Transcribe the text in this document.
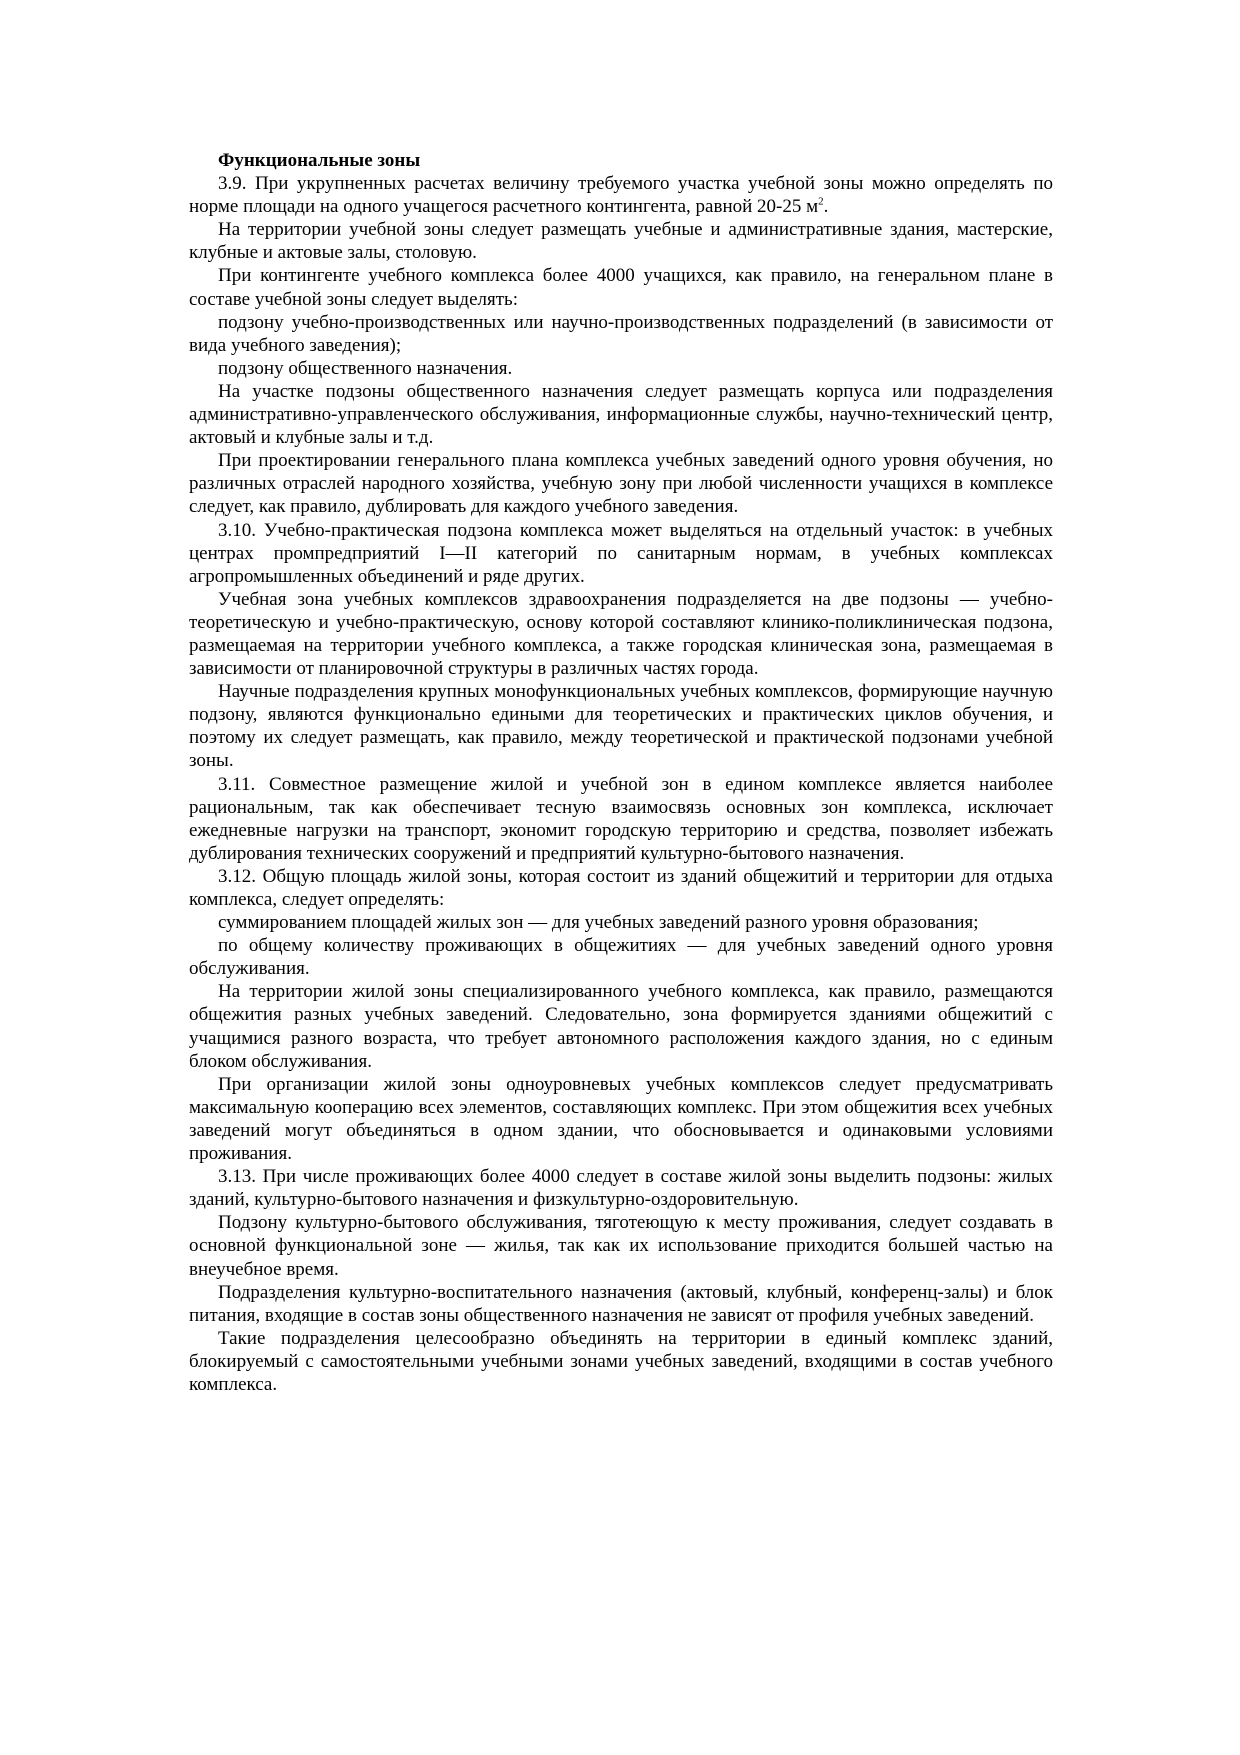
Функциональные зоны

3.9. При укрупненных расчетах величину требуемого участка учебной зоны можно определять по норме площади на одного учащегося расчетного контингента, равной 20-25 $м^2$.

На территории учебной зоны следует размещать учебные и административные здания, мастерские, клубные и актовые залы, столовую.

При контингенте учебного комплекса более 4000 учащихся, как правило, на генеральном плане в составе учебной зоны следует выделять:

подзону учебно-производственных или научно-производственных подразделений (в зависимости от вида учебного заведения);

подзону общественного назначения.

На участке подзоны общественного назначения следует размещать корпуса или подразделения административно-управленческого обслуживания, информационные службы, научно-технический центр, актовый и клубные залы и т.д.

При проектировании генерального плана комплекса учебных заведений одного уровня обучения, но различных отраслей народного хозяйства, учебную зону при любой численности учащихся в комплексе следует, как правило, дублировать для каждого учебного заведения.

3.10. Учебно-практическая подзона комплекса может выделяться на отдельный участок: в учебных центрах промпредприятий I—II категорий по санитарным нормам, в учебных комплексах агропромышленных объединений и ряде других.

Учебная зона учебных комплексов здравоохранения подразделяется на две подзоны — учебно-теоретическую и учебно-практическую, основу которой составляют клинико-поликлиническая подзона, размещаемая на территории учебного комплекса, а также городская клиническая зона, размещаемая в зависимости от планировочной структуры в различных частях города.

Научные подразделения крупных монофункциональных учебных комплексов, формирующие научную подзону, являются функционально едиными для теоретических и практических циклов обучения, и поэтому их следует размещать, как правило, между теоретической и практической подзонами учебной зоны.

3.11. Совместное размещение жилой и учебной зон в едином комплексе является наиболее рациональным, так как обеспечивает тесную взаимосвязь основных зон комплекса, исключает ежедневные нагрузки на транспорт, экономит городскую территорию и средства, позволяет избежать дублирования технических сооружений и предприятий культурно-бытового назначения.

3.12. Общую площадь жилой зоны, которая состоит из зданий общежитий и территории для отдыха комплекса, следует определять:

суммированием площадей жилых зон — для учебных заведений разного уровня образования;

по общему количеству проживающих в общежитиях — для учебных заведений одного уровня обслуживания.

На территории жилой зоны специализированного учебного комплекса, как правило, размещаются общежития разных учебных заведений. Следовательно, зона формируется зданиями общежитий с учащимися разного возраста, что требует автономного расположения каждого здания, но с единым блоком обслуживания.

При организации жилой зоны одноуровневых учебных комплексов следует предусматривать максимальную кооперацию всех элементов, составляющих комплекс. При этом общежития всех учебных заведений могут объединяться в одном здании, что обосновывается и одинаковыми условиями проживания.

3.13. При числе проживающих более 4000 следует в составе жилой зоны выделить подзоны: жилых зданий, культурно-бытового назначения и физкультурно-оздоровительную.

Подзону культурно-бытового обслуживания, тяготеющую к месту проживания, следует создавать в основной функциональной зоне — жилья, так как их использование приходится большей частью на внеучебное время.

Подразделения культурно-воспитательного назначения (актовый, клубный, конференц-залы) и блок питания, входящие в состав зоны общественного назначения не зависят от профиля учебных заведений.

Такие подразделения целесообразно объединять на территории в единый комплекс зданий, блокируемый с самостоятельными учебными зонами учебных заведений, входящими в состав учебного комплекса.
